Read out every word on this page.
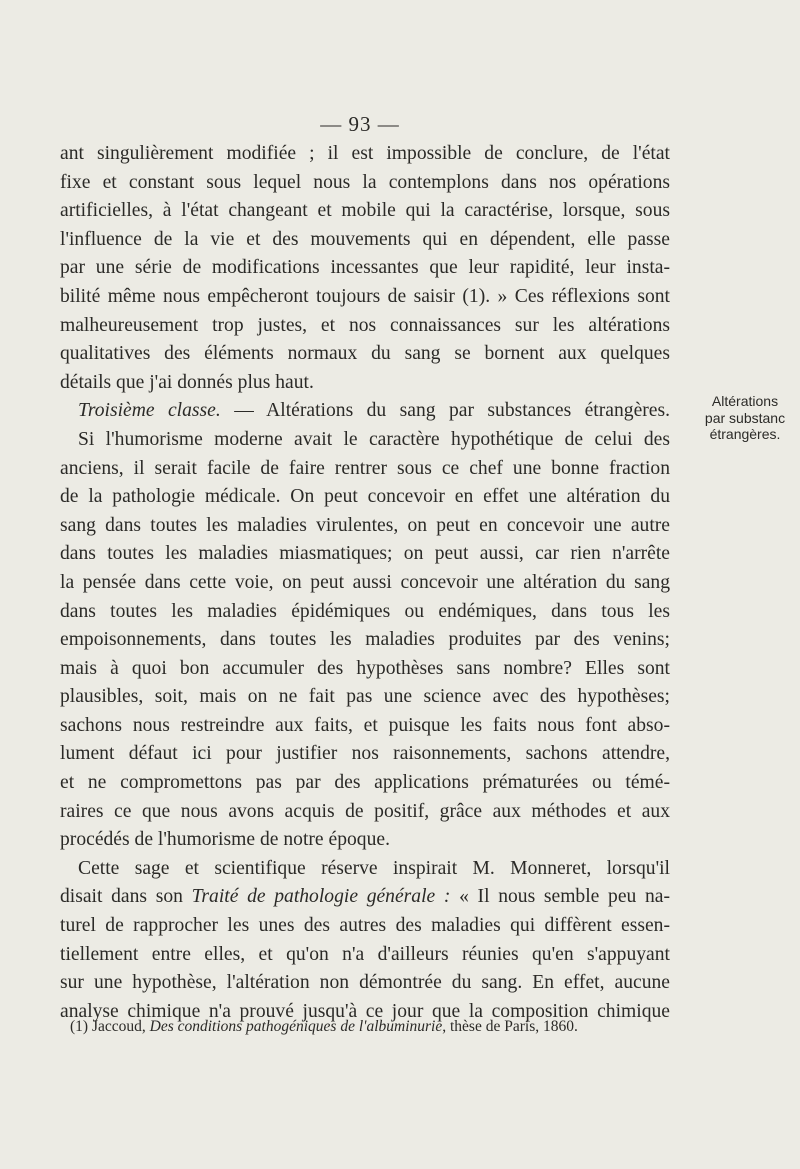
— 93 —
ant singulièrement modifiée ; il est impossible de conclure, de l'état
fixe et constant sous lequel nous la contemplons dans nos opérations
artificielles, à l'état changeant et mobile qui la caractérise, lorsque, sous
l'influence de la vie et des mouvements qui en dépendent, elle passe
par une série de modifications incessantes que leur rapidité, leur insta-
bilité même nous empêcheront toujours de saisir (1). » Ces réflexions sont
malheureusement trop justes, et nos connaissances sur les altérations
qualitatives des éléments normaux du sang se bornent aux quelques
détails que j'ai donnés plus haut.
Troisième classe. — Altérations du sang par substances étrangères.
Si l'humorisme moderne avait le caractère hypothétique de celui des
anciens, il serait facile de faire rentrer sous ce chef une bonne fraction
de la pathologie médicale. On peut concevoir en effet une altération du
sang dans toutes les maladies virulentes, on peut en concevoir une autre
dans toutes les maladies miasmatiques; on peut aussi, car rien n'arrête
la pensée dans cette voie, on peut aussi concevoir une altération du sang
dans toutes les maladies épidémiques ou endémiques, dans tous les
empoisonnements, dans toutes les maladies produites par des venins;
mais à quoi bon accumuler des hypothèses sans nombre? Elles sont
plausibles, soit, mais on ne fait pas une science avec des hypothèses;
sachons nous restreindre aux faits, et puisque les faits nous font abso-
lument défaut ici pour justifier nos raisonnements, sachons attendre,
et ne compromettons pas par des applications prématurées ou témé-
raires ce que nous avons acquis de positif, grâce aux méthodes et aux
procédés de l'humorisme de notre époque.
Cette sage et scientifique réserve inspirait M. Monneret, lorsqu'il
disait dans son Traité de pathologie générale : « Il nous semble peu na-
turel de rapprocher les unes des autres des maladies qui diffèrent essen-
tiellement entre elles, et qu'on n'a d'ailleurs réunies qu'en s'appuyant
sur une hypothèse, l'altération non démontrée du sang. En effet, aucune
analyse chimique n'a prouvé jusqu'à ce jour que la composition chimique
Altérations
par substanc
étrangères.
(1) Jaccoud, Des conditions pathogéniques de l'albuminurie, thèse de Paris, 1860.
